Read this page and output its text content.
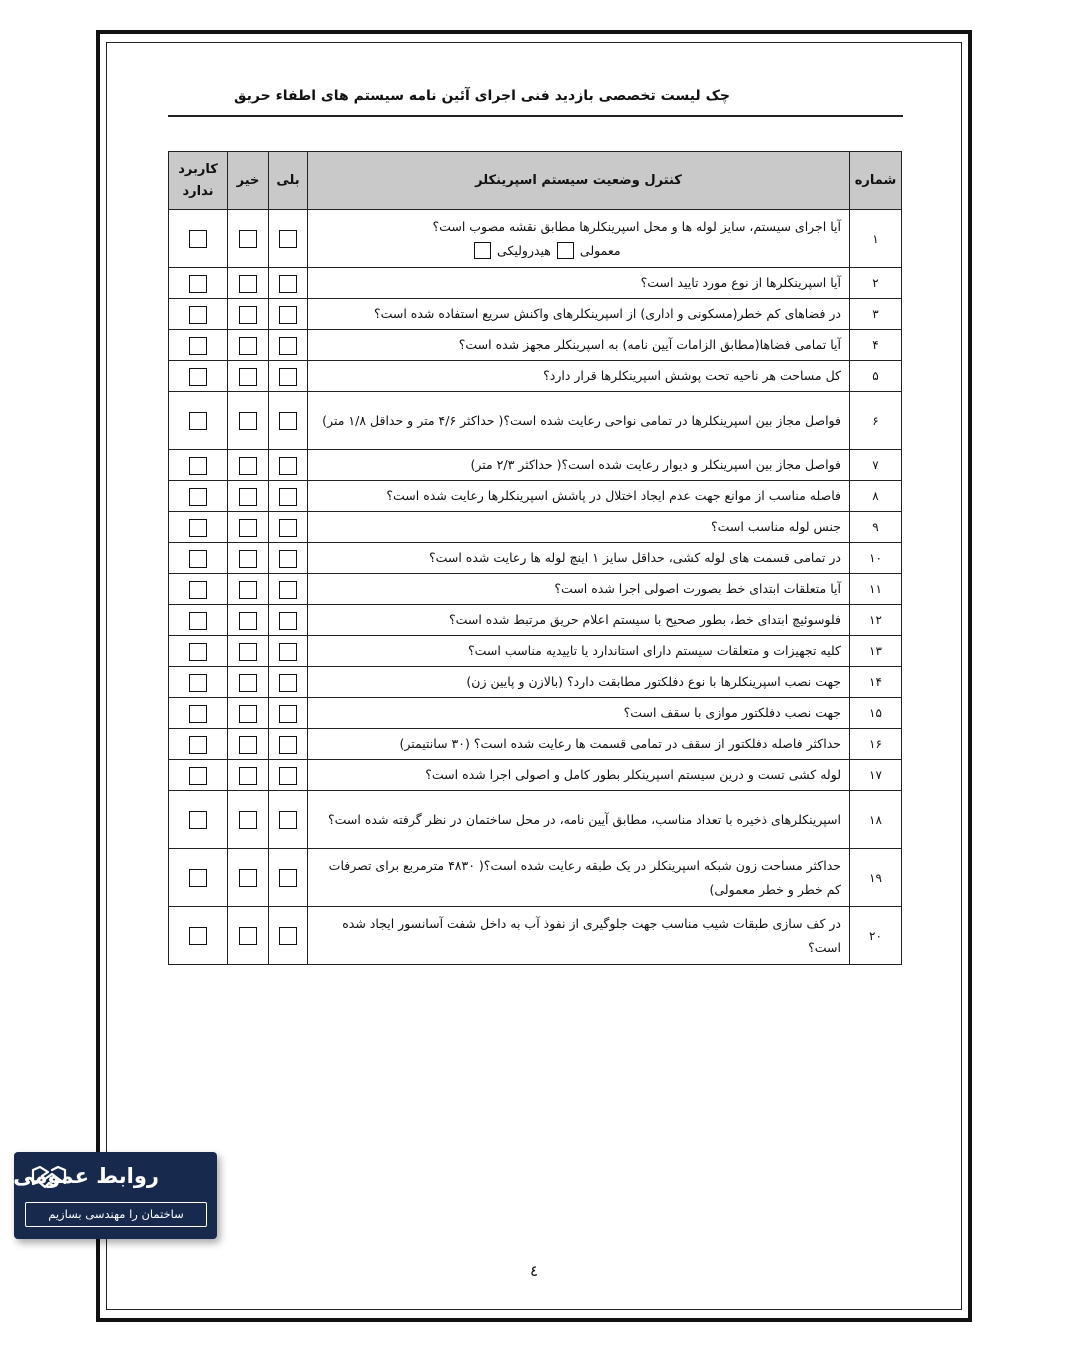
چک لیست تخصصی بازدید فنی اجرای آئین نامه سیستم های اطفاء حریق
شماره	کنترل وضعیت سیستم اسپرینکلر	بلی	خیر	کاربرد ندارد
۱	آیا اجرای سیستم، سایز لوله ها و محل اسپرینکلرها مطابق نقشه مصوب است؟
معمولی
هیدرولیکی			

۲	آیا اسپرینکلرها از نوع مورد تایید است؟			

۳	در فضاهای کم خطر(مسکونی و اداری) از اسپرینکلرهای واکنش سریع استفاده شده است؟			

۴	آیا تمامی فضاها(مطابق الزامات آیین نامه) به اسپرینکلر مجهز شده است؟			

۵	کل مساحت هر ناحیه تحت پوشش اسپرینکلرها قرار دارد؟			

۶	فواصل مجاز بین اسپرینکلرها در تمامی نواحی رعایت شده است؟( حداکثر ۴/۶ متر و حداقل ۱/۸ متر)			

۷	فواصل مجاز بین اسپرینکلر و دیوار رعایت شده است؟( حداکثر ۲/۳ متر)			

۸	فاصله مناسب از موانع جهت عدم ایجاد اختلال در پاشش اسپرینکلرها رعایت شده است؟			

۹	جنس لوله مناسب است؟			

۱۰	در تمامی قسمت های لوله کشی، حداقل سایز ۱ اینچ لوله ها رعایت شده است؟			

۱۱	آیا متعلقات ابتدای خط بصورت اصولی اجرا شده است؟			

۱۲	فلوسوئیچ ابتدای خط، بطور صحیح با سیستم اعلام حریق مرتبط شده است؟			

۱۳	کلیه تجهیزات و متعلقات سیستم دارای استاندارد یا تاییدیه مناسب است؟			

۱۴	جهت نصب اسپرینکلرها با نوع دفلکتور مطابقت دارد؟ (بالازن و پایین زن)			

۱۵	جهت نصب دفلکتور موازی با سقف است؟			

۱۶	حداکثر فاصله دفلکتور از سقف در تمامی قسمت ها رعایت شده است؟ (۳۰ سانتیمتر)			

۱۷	لوله کشی تست و درین سیستم اسپرینکلر بطور کامل و اصولی اجرا شده است؟			

۱۸	اسپرینکلرهای ذخیره با تعداد مناسب، مطابق آیین نامه، در محل ساختمان در نظر گرفته شده است؟			

۱۹	حداکثر مساحت زون شبکه اسپرینکلر در یک طبقه رعایت شده است؟( ۴۸۳۰ مترمربع برای تصرفات کم خطر و خطر معمولی)			

۲۰	در کف سازی طبقات شیب مناسب جهت جلوگیری از نفوذ آب به داخل شفت آسانسور ایجاد شده است؟			

٤
روابط عمومی
ساختمان را مهندسی بسازیم
